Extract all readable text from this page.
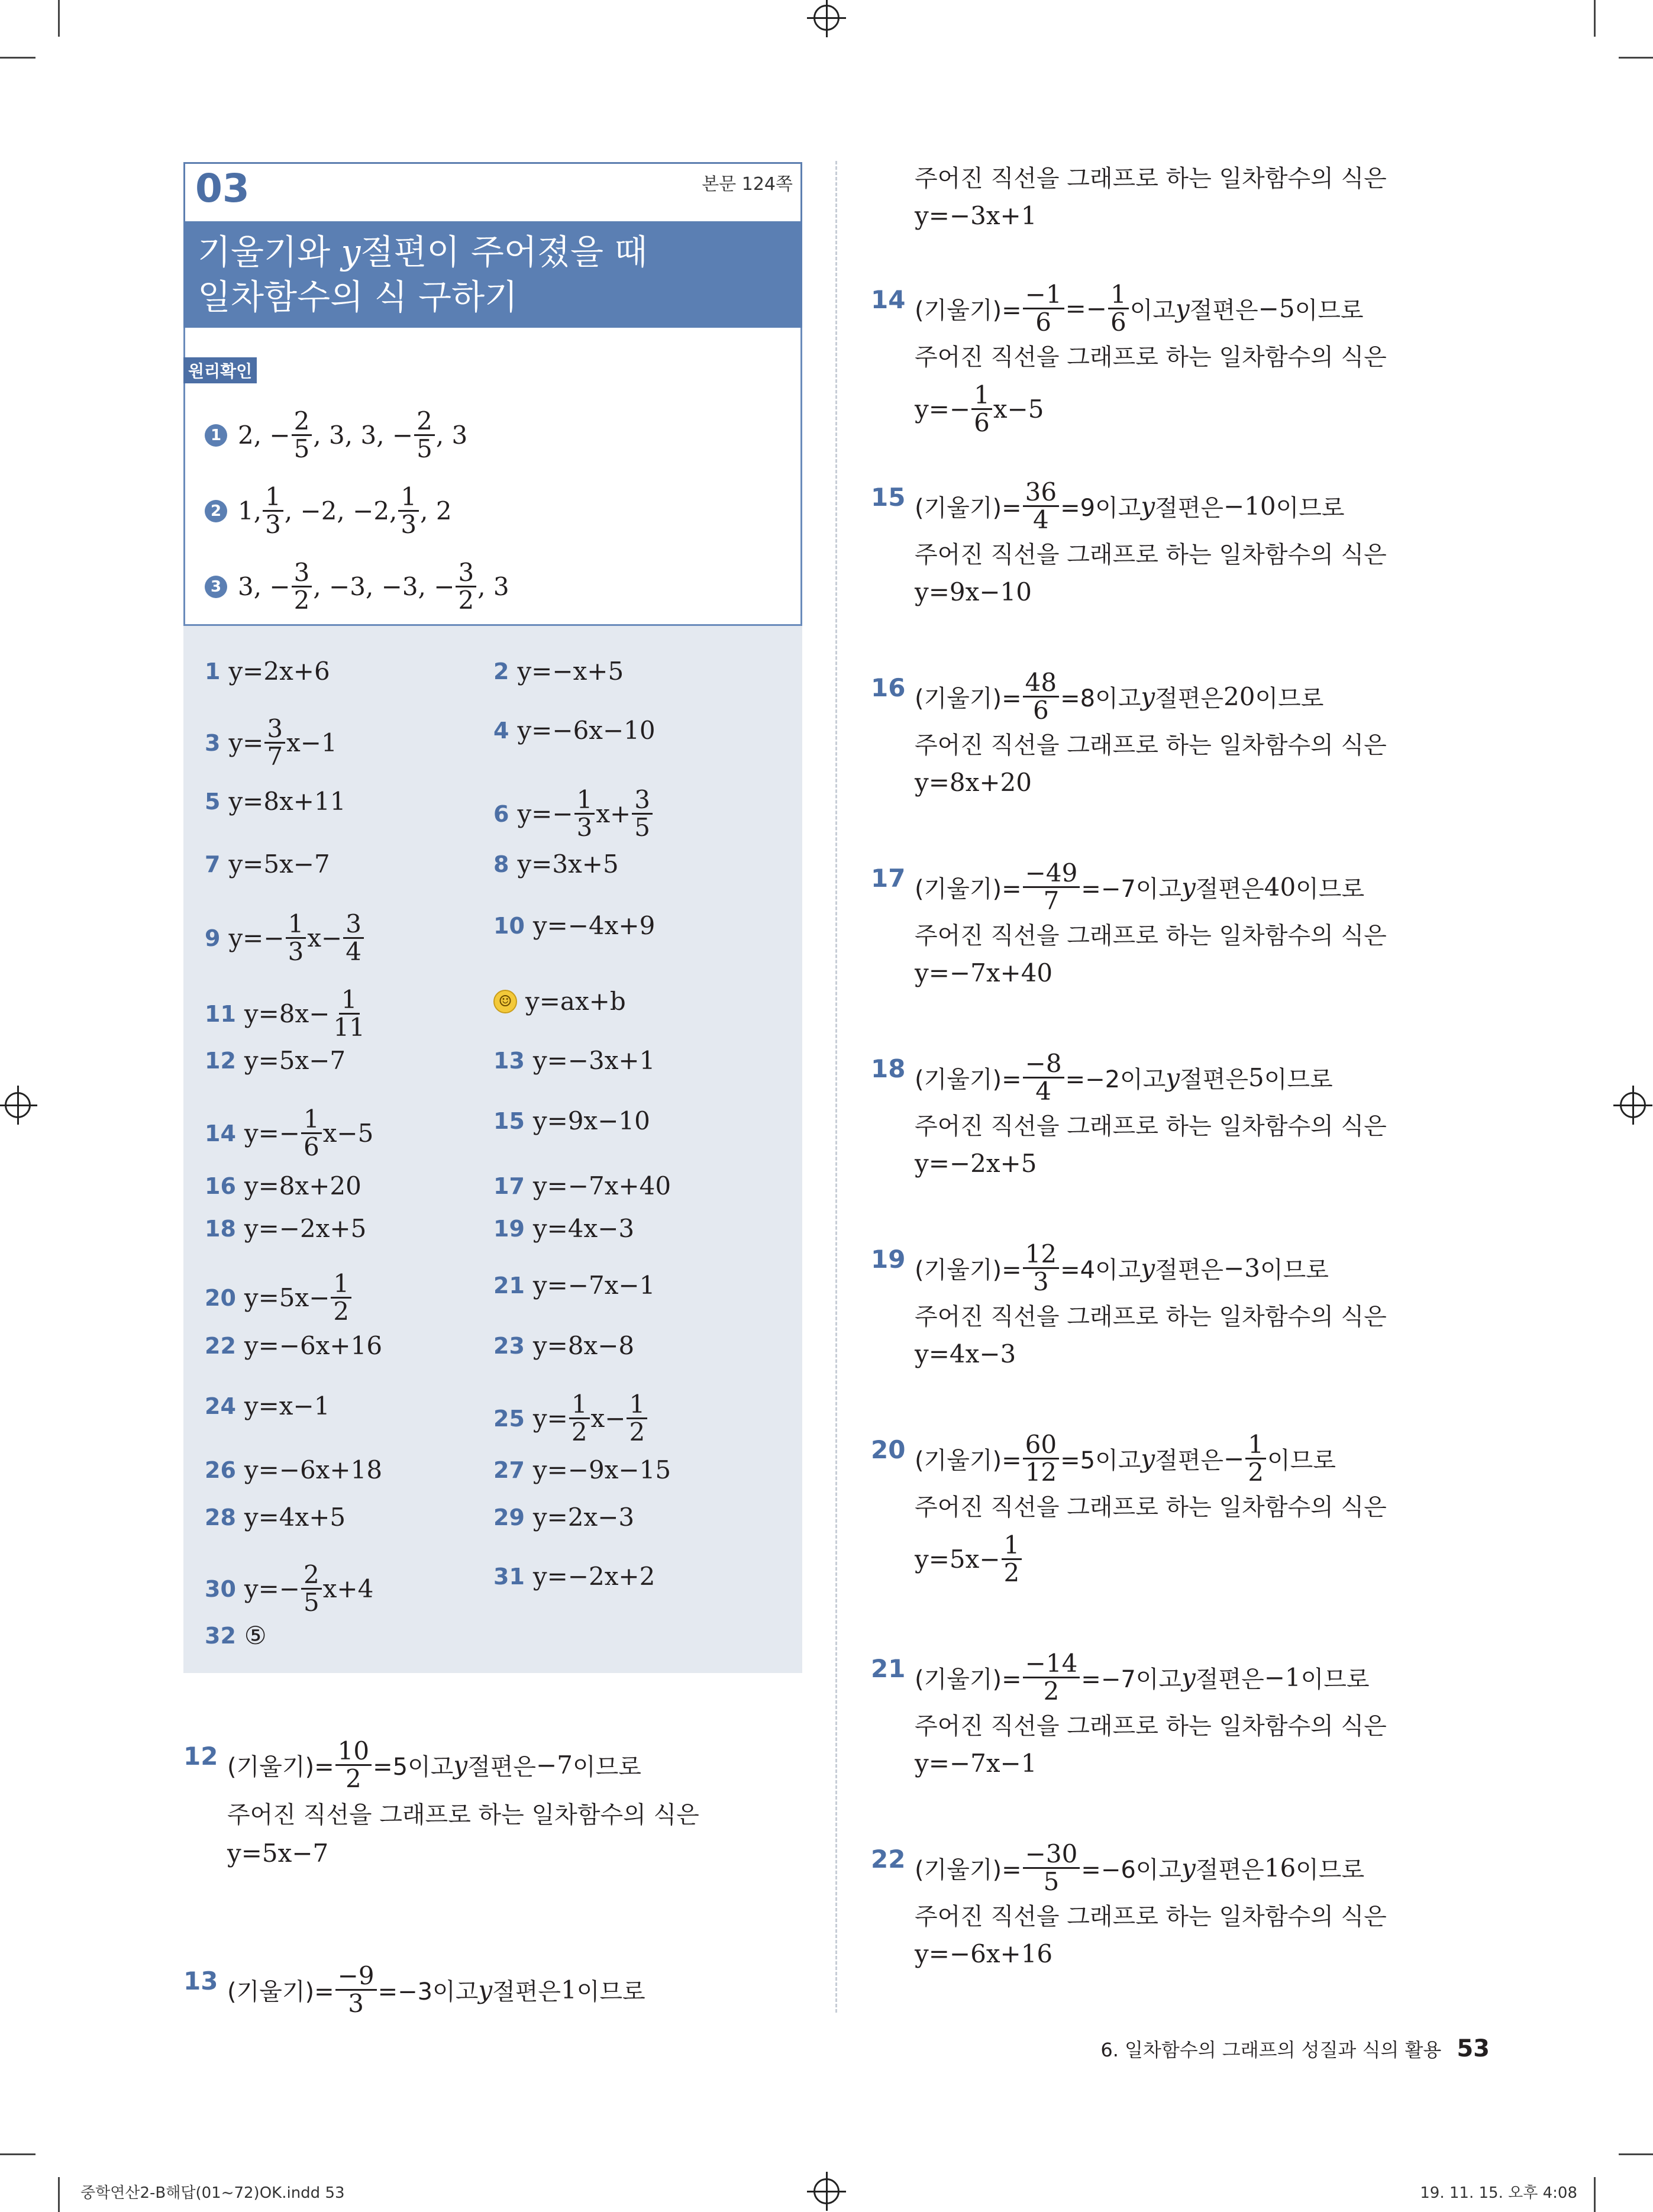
03	본문 124쪽
기울기와 y절편이 주어졌을 때
일차함수의 식 구하기
원리확인
1 2, − $\frac{2}{5}$ , 3, 3, − $\frac{2}{5}$ , 3
2 1, $\frac{1}{3}$ , −2, −2, $\frac{1}{3}$ , 2
3 3, − $\frac{3}{2}$ , −3, −3, − $\frac{3}{2}$ , 3
1 y=2x+6	2 y=−x+5
3 $y= \frac{3}{7} x-1$	4 y=−6x−10
5 y=8x+11	6 $y=- \frac{1}{3} x+ \frac{3}{5}$
7 y=5x−7	8 y=3x+5
9 $y=- \frac{1}{3} x- \frac{3}{4}$	10 y=−4x+9
11 $y=8x- \frac{1}{11}$	☺ y=ax+b
12 y=5x−7	13 y=−3x+1
14 $y=- \frac{1}{6} x-5$	15 y=9x−10
16 y=8x+20	17 y=−7x+40
18 y=−2x+5	19 y=4x−3
20 $y=5x- \frac{1}{2}$	21 y=−7x−1
22 y=−6x+16	23 y=8x−8
24 y=x−1	25 $y= \frac{1}{2} x- \frac{1}{2}$
26 y=−6x+18	27 y=−9x−15
28 y=4x+5	29 y=2x−3
30 $y=- \frac{2}{5} x+4$	31 y=−2x+2
32 ⑤
12 (기울기)= $\frac{10}{2} =5$이고 y 절편은 −7 이므로
주어진 직선을 그래프로 하는 일차함수의 식은
y=5x−7
13 (기울기)= $\frac{-9}{3} =-3$이고 y 절편은 1 이므로
주어진 직선을 그래프로 하는 일차함수의 식은
y=−3x+1
14 (기울기)= $\frac{-1}{6} =- \frac{1}{6}$ 이고 y 절편은 −5 이므로
주어진 직선을 그래프로 하는 일차함수의 식은
$y=- \frac{1}{6} x-5$
15 (기울기)= $\frac{36}{4} =9$이고 y 절편은 −10 이므로
주어진 직선을 그래프로 하는 일차함수의 식은
y=9x−10
16 (기울기)= $\frac{48}{6} =8$이고 y 절편은 20 이므로
주어진 직선을 그래프로 하는 일차함수의 식은
y=8x+20
17 (기울기)= $\frac{-49}{7} =-7$이고 y 절편은 40 이므로
주어진 직선을 그래프로 하는 일차함수의 식은
y=−7x+40
18 (기울기)= $\frac{-8}{4} =-2$이고 y 절편은 5 이므로
주어진 직선을 그래프로 하는 일차함수의 식은
y=−2x+5
19 (기울기)= $\frac{12}{3} =4$이고 y 절편은 −3 이므로
주어진 직선을 그래프로 하는 일차함수의 식은
y=4x−3
20 (기울기)= $\frac{60}{12} =5$이고 y 절편은 − $\frac{1}{2}$ 이므로
주어진 직선을 그래프로 하는 일차함수의 식은
$y=5x- \frac{1}{2}$
21 (기울기)= $\frac{-14}{2} =-7$이고 y 절편은 −1 이므로
주어진 직선을 그래프로 하는 일차함수의 식은
y=−7x−1
22 (기울기)= $\frac{-30}{5} =-6$이고 y 절편은 16 이므로
주어진 직선을 그래프로 하는 일차함수의 식은
y=−6x+16
6. 일차함수의 그래프의 성질과 식의 활용 53
중학연산2-B해답(01~72)OK.indd 53	19. 11. 15. 오후 4:08
